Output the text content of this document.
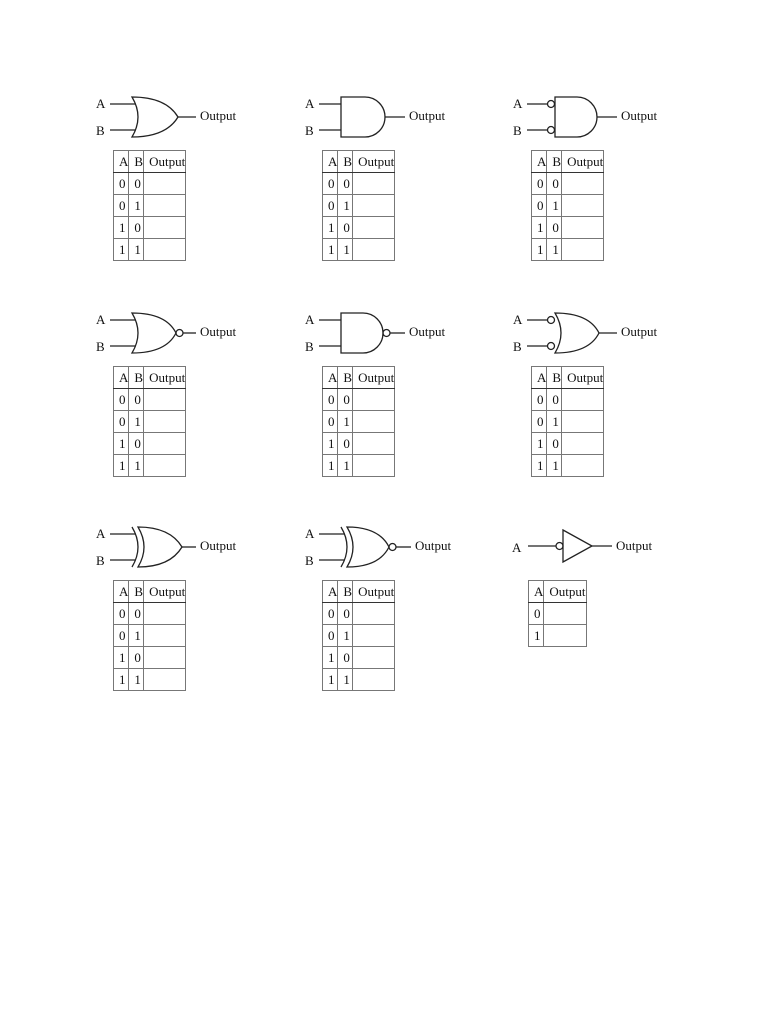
A
B
Output
A	B	Output
0	0	
0	1	
1	0	
1	1	
A
B
Output
A	B	Output
0	0	
0	1	
1	0	
1	1	
A
B
Output
A	B	Output
0	0	
0	1	
1	0	
1	1	
A
B
Output
A	B	Output
0	0	
0	1	
1	0	
1	1	
A
B
Output
A	B	Output
0	0	
0	1	
1	0	
1	1	
A
B
Output
A	B	Output
0	0	
0	1	
1	0	
1	1	
A
B
Output
A	B	Output
0	0	
0	1	
1	0	
1	1	
A
B
Output
A	B	Output
0	0	
0	1	
1	0	
1	1	
A	Output
A	Output
0	
1	
